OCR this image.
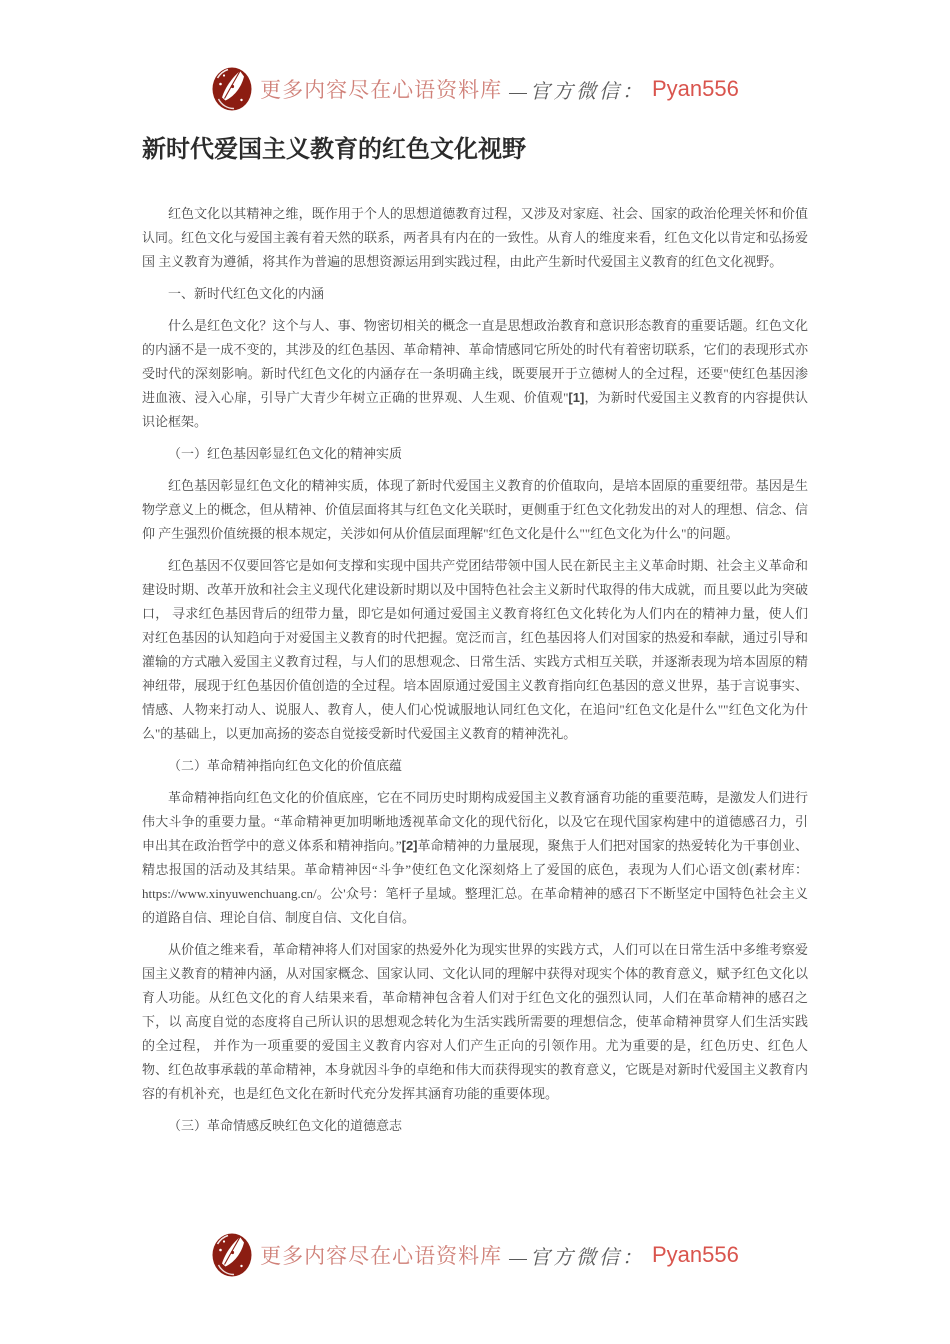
更多内容尽在心语资料库 —官方微信： Pyan556
新时代爱国主义教育的红色文化视野
红色文化以其精神之维，既作用于个人的思想道德教育过程，又涉及对家庭、社会、国家的政治伦理关怀和价值认同。红色文化与爱国主義有着天然的联系，两者具有内在的一致性。从育人的维度来看，红色文化以肯定和弘扬爱国 主义教育为遵循，将其作为普遍的思想资源运用到实践过程，由此产生新时代爱国主义教育的红色文化视野。
一、新时代红色文化的内涵
什么是红色文化？这个与人、事、物密切相关的概念一直是思想政治教育和意识形态教育的重要话题。红色文化的内涵不是一成不变的，其涉及的红色基因、革命精神、革命情感同它所处的时代有着密切联系，它们的表现形式亦受时代的深刻影响。新时代红色文化的内涵存在一条明确主线，既要展开于立德树人的全过程，还要"使红色基因渗进血液、浸入心扉，引导广大青少年树立正确的世界观、人生观、价值观"[1]，为新时代爱国主义教育的内容提供认识论框架。
（一）红色基因彰显红色文化的精神实质
红色基因彰显红色文化的精神实质，体现了新时代爱国主义教育的价值取向，是培本固原的重要纽带。基因是生物学意义上的概念，但从精神、价值层面将其与红色文化关联时，更侧重于红色文化勃发出的对人的理想、信念、信仰 产生强烈价值统摄的根本规定，关涉如何从价值层面理解"红色文化是什么""红色文化为什么"的问题。
红色基因不仅要回答它是如何支撑和实现中国共产党团结带领中国人民在新民主主义革命时期、社会主义革命和建设时期、改革开放和社会主义现代化建设新时期以及中国特色社会主义新时代取得的伟大成就，而且要以此为突破口， 寻求红色基因背后的纽带力量，即它是如何通过爱国主义教育将红色文化转化为人们内在的精神力量，使人们对红色基因的认知趋向于对爱国主义教育的时代把握。宽泛而言，红色基因将人们对国家的热爱和奉献，通过引导和灌输的方式融入爱国主义教育过程，与人们的思想观念、日常生活、实践方式相互关联，并逐渐表现为培本固原的精神纽带，展现于红色基因价值创造的全过程。培本固原通过爱国主义教育指向红色基因的意义世界，基于言说事实、情感、人物来打动人、说服人、教育人，使人们心悦诚服地认同红色文化，在追问"红色文化是什么""红色文化为什么"的基础上，以更加高扬的姿态自觉接受新时代爱国主义教育的精神洗礼。
（二）革命精神指向红色文化的价值底蕴
革命精神指向红色文化的价值底座，它在不同历史时期构成爱国主义教育涵育功能的重要范畴，是激发人们进行伟大斗争的重要力量。“革命精神更加明晰地透视革命文化的现代衍化，以及它在现代国家构建中的道德感召力，引申出其在政治哲学中的意义体系和精神指向。”[2]革命精神的力量展现，聚焦于人们把对国家的热爱转化为干事创业、精忠报国的活动及其结果。革命精神因“斗争”使红色文化深刻烙上了爱国的底色，表现为人们心语文创(素材库：https://www.xinyuwenchuang.cn/。公'众号：笔杆子星域。整理汇总。在革命精神的感召下不断坚定中国特色社会主义的道路自信、理论自信、制度自信、文化自信。
从价值之维来看，革命精神将人们对国家的热爱外化为现实世界的实践方式，人们可以在日常生活中多维考察爱国主义教育的精神内涵，从对国家概念、国家认同、文化认同的理解中获得对现实个体的教育意义，赋予红色文化以育人功能。从红色文化的育人结果来看，革命精神包含着人们对于红色文化的强烈认同，人们在革命精神的感召之下，以 高度自觉的态度将自己所认识的思想观念转化为生活实践所需要的理想信念，使革命精神贯穿人们生活实践的全过程， 并作为一项重要的爱国主义教育内容对人们产生正向的引领作用。尤为重要的是，红色历史、红色人物、红色故事承载的革命精神，本身就因斗争的卓绝和伟大而获得现实的教育意义，它既是对新时代爱国主义教育内容的有机补充，也是红色文化在新时代充分发挥其涵育功能的重要体现。
（三）革命情感反映红色文化的道德意志
更多内容尽在心语资料库 —官方微信： Pyan556
